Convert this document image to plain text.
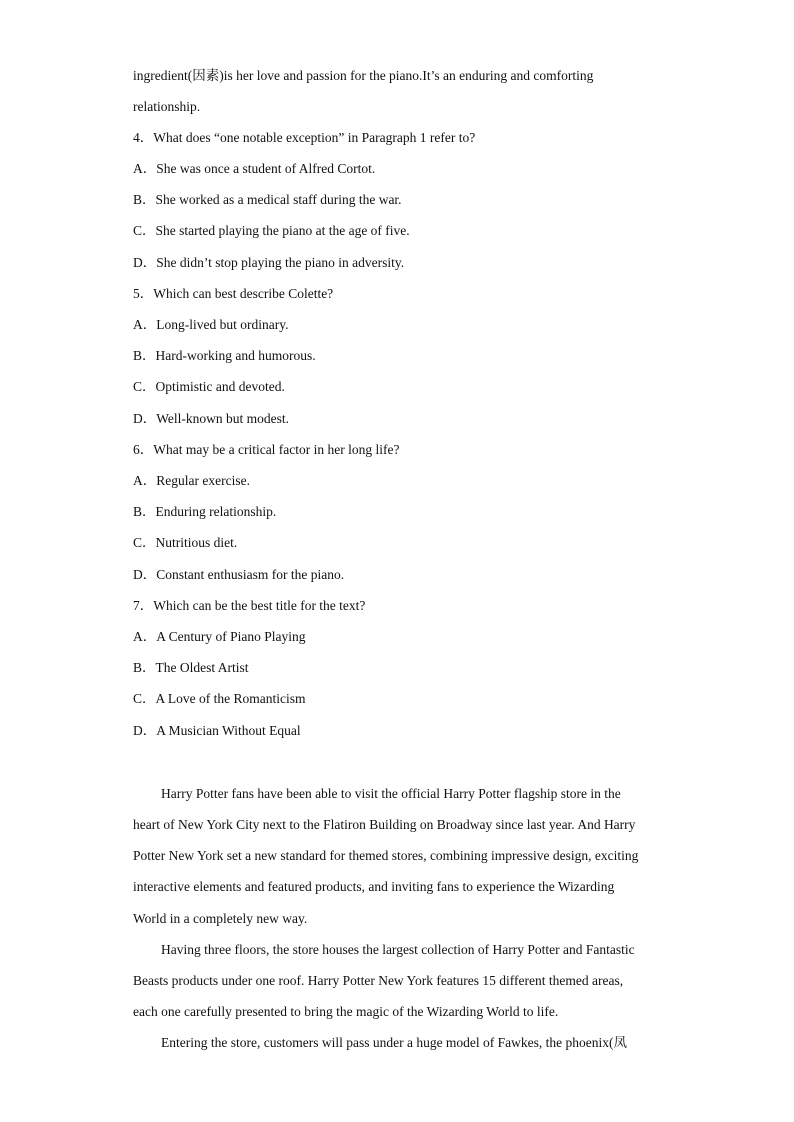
ingredient(因素)is her love and passion for the piano.It’s an enduring and comforting
relationship.
4．What does “one notable exception” in Paragraph 1 refer to?
A．She was once a student of Alfred Cortot.
B．She worked as a medical staff during the war.
C．She started playing the piano at the age of five.
D．She didn’t stop playing the piano in adversity.
5．Which can best describe Colette?
A．Long-lived but ordinary.
B．Hard-working and humorous.
C．Optimistic and devoted.
D．Well-known but modest.
6．What may be a critical factor in her long life?
A．Regular exercise.
B．Enduring relationship.
C．Nutritious diet.
D．Constant enthusiasm for the piano.
7．Which can be the best title for the text?
A．A Century of Piano Playing
B．The Oldest Artist
C．A Love of the Romanticism
D．A Musician Without Equal
Harry Potter fans have been able to visit the official Harry Potter flagship store in the
heart of New York City next to the Flatiron Building on Broadway since last year. And Harry
Potter New York set a new standard for themed stores, combining impressive design, exciting
interactive elements and featured products, and inviting fans to experience the Wizarding
World in a completely new way.
Having three floors, the store houses the largest collection of Harry Potter and Fantastic
Beasts products under one roof. Harry Potter New York features 15 different themed areas,
each one carefully presented to bring the magic of the Wizarding World to life.
Entering the store, customers will pass under a huge model of Fawkes, the phoenix(凤
